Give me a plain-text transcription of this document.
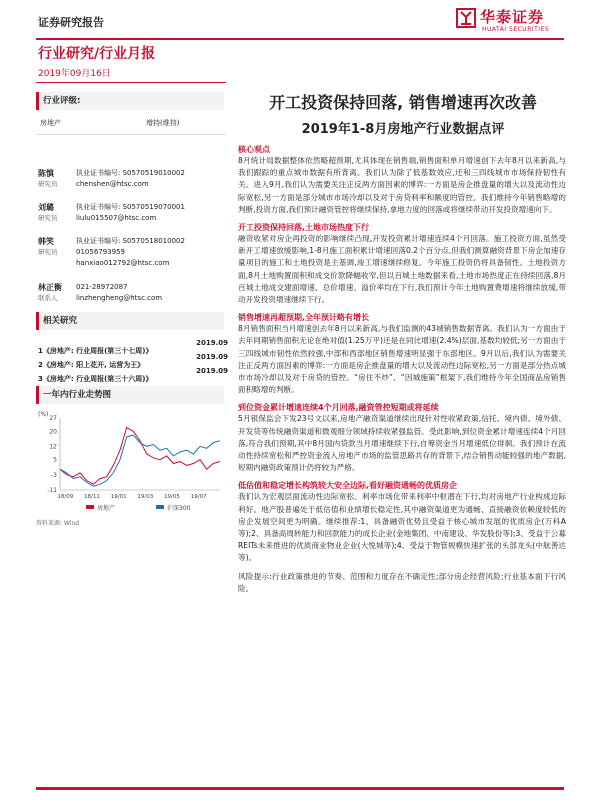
证券研究报告	华泰证券
HUATAI SECURITIES
行业研究/行业月报
2019年09月16日
行业评级:
房地产	增持(维持)
陈慎
研究员
执业证书编号: S0570519010002
chenshen@htsc.com
刘璐
研究员
执业证书编号: S0570519070001
liulu015507@htsc.com
韩笑
研究员
执业证书编号: S0570518010002
01056793959
hanxiao012792@htsc.com
林正衡
联系人
021-28972087
linzhengheng@htsc.com
相关研究
1《房地产: 行业周报(第三十七周)》
2019.09
2《房地产: 阳上花开, 运营为王》
2019.09
3《房地产: 行业周报(第三十六周)》
2019.09
一年内行业走势图
(%)
27
20
12
5
-3
-11
18/09 18/11 19/01 19/03 19/05 19/07
房地产	沪深300
资料来源: Wind
开工投资保持回落, 销售增速再次改善
2019年1-8月房地产行业数据点评
核心观点
8月统计局数据整体依然略超预期,尤其体现在销售端,销售面积单月增速创下去年8月以来新高,与我们跟踪的重点城市数据有所背离。我们认为除了低基数效应,还和三四线城市市场保持韧性有关。进入9月,我们认为需要关注正反两方面因素的博弈:一方面是房企推盘量的增大以及流动性边际宽松,另一方面是部分城市市场冷却以及对于房贷利率和额度的管控。我们维持今年销售略增的判断,投资方面,我们预计融资管控将继续保持,拿地力度的回落或将继续带动开发投资增速向下。
开工投资保持回落,土地市场热度下行
融资收紧对房企再投资的影响继续凸现,开发投资累计增速连续4个月回落。施工投资方面,虽然受新开工增速放缓影响,1-8月施工面积累计增速回落0.2个百分点,但我们测算融资背景下房企加速存量项目的施工和土地投资是主基调,竣工增速继续修复。今年施工投资仍将具备韧性。土地投资方面,8月土地购置面积和成交价款降幅收窄,但以百城土地数据来看,土地市场热度正在持续回落,8月百城土地成交建面增速、总价增速、溢价率均在下行,我们预计今年土地购置费增速将继续放缓,带动开发投资增速继续下行。
销售增速再超预期,全年预计略有增长
8月销售面积当月增速创去年8月以来新高,与我们监测的43城销售数据背离。我们认为一方面由于去年同期销售面积无论在绝对值(1.25万平)还是在同比增速(2.4%)层面,基数均较低;另一方面由于三四线城市韧性依然较强,中部和西部地区销售增速明显强于东部地区。9月以后,我们认为需要关注正反两方面因素的博弈:一方面是房企推盘量的增大以及流动性边际宽松,另一方面是部分热点城市市场冷却以及对于房贷的管控。“房住不炒”、“因城施策”框架下,我们维持今年全国商品房销售面积略增的判断。
到位资金累计增速连续4个月回落,融资管控短期或将延续
5月银保监会下发23号文以来,房地产融资渠道继续出现针对性收紧政策,信托、境内债、境外债、开发贷等传统融资渠道和微观细分领域持续收紧强监管。受此影响,到位资金累计增速连续4个月回落,符合我们预期,其中8月国内贷款当月增速继续下行,自筹资金当月增速低位徘徊。我们预计在流动性持续宽松和严控资金流入房地产市场的监管思路共存的背景下,结合销售动能较强的地产数据,短期内融资政策预计仍将较为严格。
低估值和稳定增长构筑较大安全边际,看好融资通畅的优质房企
我们认为宏观层面流动性边际宽松、利率市场化带来利率中枢潜在下行,均对房地产行业构成边际利好。地产股普遍处于低估值和业绩增长稳定性,其中融资渠道更为通畅、直接融资依赖度较低的房企发展空间更为明确。继续推荐:1、具备融资优势且受益于核心城市发展的优质房企(万科A等);2、具备高周转能力和回款能力的成长企业(金地集团、中南建设、华发股份等);3、受益于公募REITs未来推进的优质商业物业企业(大悦城等);4、受益于物管规模快速扩张的头部龙头(中航善达等)。
风险提示:行业政策推进的节奏、范围和力度存在不确定性;部分房企经营风险;行业基本面下行风险。
